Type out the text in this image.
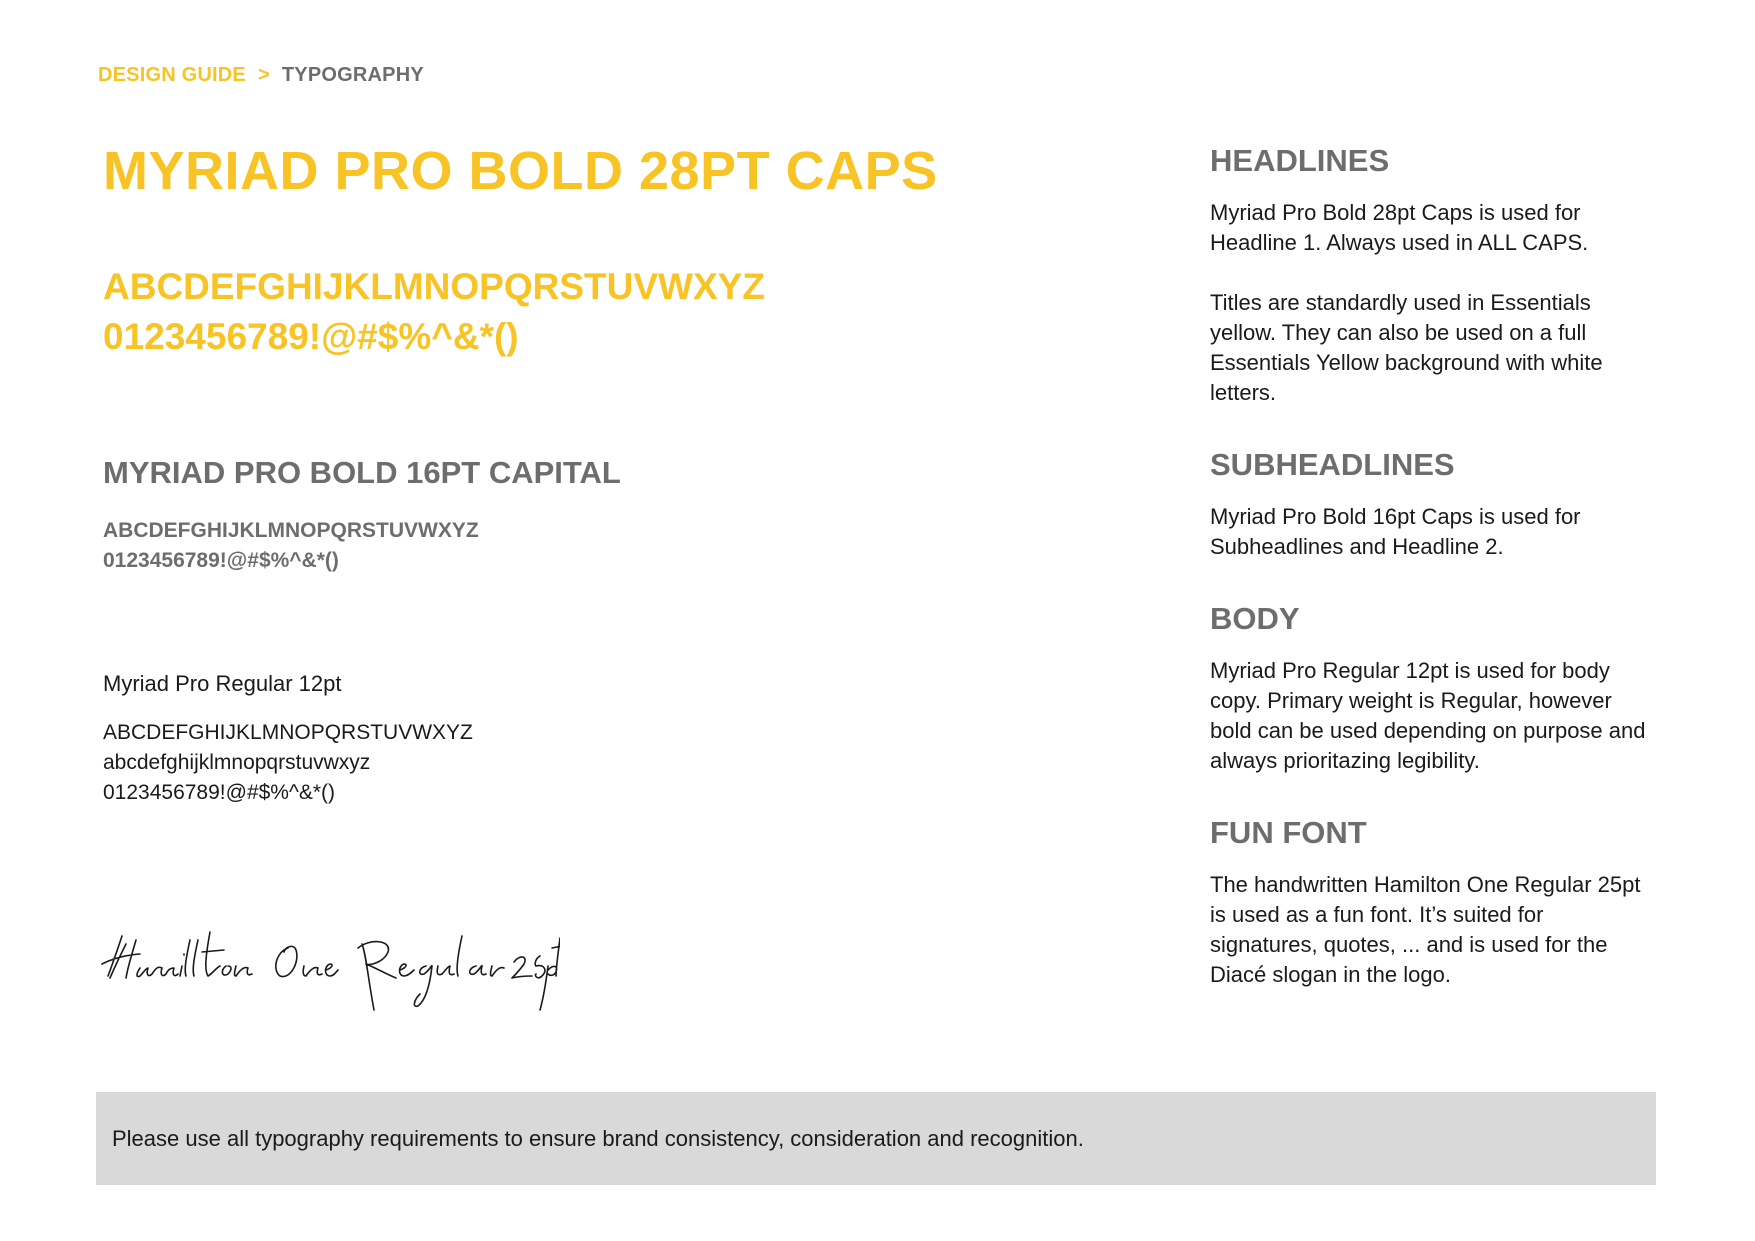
DESIGN GUIDE > TYPOGRAPHY
MYRIAD PRO BOLD 28PT CAPS
ABCDEFGHIJKLMNOPQRSTUVWXYZ
0123456789!@#$%^&*()
MYRIAD PRO BOLD 16PT CAPITAL
ABCDEFGHIJKLMNOPQRSTUVWXYZ
0123456789!@#$%^&*()
Myriad Pro Regular 12pt
ABCDEFGHIJKLMNOPQRSTUVWXYZ
abcdefghijklmnopqrstuvwxyz
0123456789!@#$%^&*()
Hamilton One Regular 25pt
HEADLINES

Myriad Pro Bold 28pt Caps is used for Headline 1. Always used in ALL CAPS.

Titles are standardly used in Essentials yellow. They can also be used on a full Essentials Yellow background with white letters.

SUBHEADLINES

Myriad Pro Bold 16pt Caps is used for Subheadlines and Headline 2.

BODY

Myriad Pro Regular 12pt is used for body copy. Primary weight is Regular, however bold can be used depending on purpose and always prioritazing legibility.

FUN FONT

The handwritten Hamilton One Regular 25pt is used as a fun font. It’s suited for signatures, quotes, ... and is used for the Diacé slogan in the logo.

Please use all typography requirements to ensure brand consistency, consideration and recognition.
